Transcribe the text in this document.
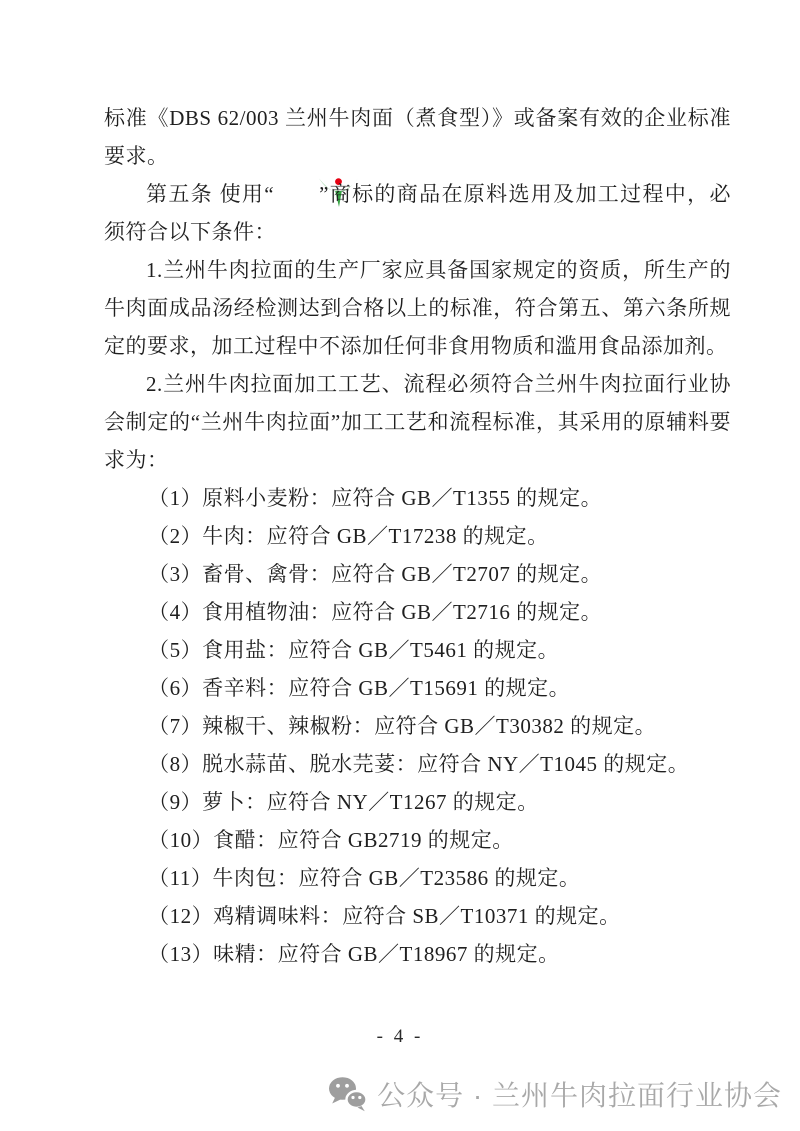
标准《DBS 62/003 兰州牛肉面（煮食型）》或备案有效的企业标准要求。

第五条 使用“ ”商标的商品在原料选用及加工过程中，必须符合以下条件：

1.兰州牛肉拉面的生产厂家应具备国家规定的资质，所生产的牛肉面成品汤经检测达到合格以上的标准，符合第五、第六条所规定的要求，加工过程中不添加任何非食用物质和滥用食品添加剂。

2.兰州牛肉拉面加工工艺、流程必须符合兰州牛肉拉面行业协会制定的“兰州牛肉拉面”加工工艺和流程标准，其采用的原辅料要求为：

（1）原料小麦粉：应符合 GB／T1355 的规定。

（2）牛肉：应符合 GB／T17238 的规定。

（3）畜骨、禽骨：应符合 GB／T2707 的规定。

（4）食用植物油：应符合 GB／T2716 的规定。

（5）食用盐：应符合 GB／T5461 的规定。

（6）香辛料：应符合 GB／T15691 的规定。

（7）辣椒干、辣椒粉：应符合 GB／T30382 的规定。

（8）脱水蒜苗、脱水芫荽：应符合 NY／T1045 的规定。

（9）萝卜：应符合 NY／T1267 的规定。

（10）食醋：应符合 GB2719 的规定。

（11）牛肉包：应符合 GB／T23586 的规定。

（12）鸡精调味料：应符合 SB／T10371 的规定。

（13）味精：应符合 GB／T18967 的规定。

- 4 -
公众号 · 兰州牛肉拉面行业协会
